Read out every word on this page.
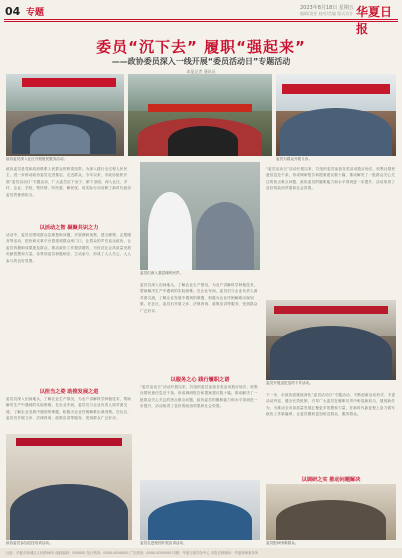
04 专题	2023年8月18日 星期五
编辑/责任 校对/美编 版式设计 华夏日报
委员“沉下去” 履职“强起来”
——政协委员深入一线开展“委员活动日”专题活动
本报记者 通讯员
政协委员深入社区开展便民服务活动。	委员为群众开展义诊。
委员们深入基层倾听民声。
政协委员是党和政府联系人民群众的桥梁纽带。为深入践行全过程人民民主，进一步推动政协委员走进基层、走近群众，今年以来，市政协组织开展“委员活动日”专题活动，广大委员沉下身子、俯下身段，深入社区、乡村、企业、学校，察民情、听民意、解民忧，用实际行动诠释了新时代政协委员的使命担当。
以活动之智 凝聚共识之力
活动中，委员们围绕群众急难愁盼问题，开展调研视察、建言献策、志愿服务等活动，把协商议事平台搭建到群众家门口，让群众的声音直达政协，让委员的履职成果惠及群众，推动政协工作提质增效，为经济社会高质量发展贡献智慧和力量。各界别委员积极响应，主动参与，形成了人人关心、人人参与的良好氛围。
以担当之姿 助推发展之进
委员们深入田间地头，了解农业生产情况，为农户讲解科学种植技术，帮助解决生产中遇到的实际困难。在企业车间，委员们与企业负责人面对面交流，了解企业发展中遇到的难题，积极为企业纾困解难出谋划策。在社区，委员们开展义诊、法律咨询、政策宣讲等服务，受到群众广泛好评。
政协委员参加农技培训活动。
委员们深入田间地头，了解农业生产情况，为农户讲解科学种植技术，帮助解决生产中遇到的实际困难。在企业车间，委员们与企业负责人面对面交流，了解企业发展中遇到的难题，积极为企业纾困解难出谋划策。在社区，委员们开展义诊、法律咨询、政策宣讲等服务，受到群众广泛好评。
以服务之心 践行履职之诺
“委员活动日”活动开展以来，共组织委员参加各类活动数百场次，收集社情民意信息近千条，形成调研报告和提案建议数十篇，推动解决了一批群众关心关注的热点难点问题，政协委员的履职能力和水平得到进一步提升，活动取得了良好的政治效果和社会效果。
“委员活动日”活动开展以来，共组织委员参加各类活动数百场次，收集社情民意信息近千条，形成调研报告和提案建议数十篇，推动解决了一批群众关心关注的热点难点问题，政协委员的履职能力和水平得到进一步提升，活动取得了良好的政治效果和社会效果。
委员开展送医送药下乡活动。
下一步，市政协将继续深化“委员活动日”专题活动，不断创新活动形式，丰富活动内容，健全长效机制，引导广大委员在履职尽责中彰显新担当、展现新作为，为推动全市高质量发展汇聚更多智慧和力量，在新时代新征程上奋力谱写政协工作新篇章，让委员履职更加贴近群众、服务群众。
以调研之实 推动问题解决
委员走进校园开展宣讲活动。	委员慰问困难群众。
社址：华夏市新城区人民路88号 邮政编码：000000 发行热线：0000-0000000 广告热线：0000-0000000 印刷：华夏日报印务中心 本报法律顾问：华夏律师事务所
